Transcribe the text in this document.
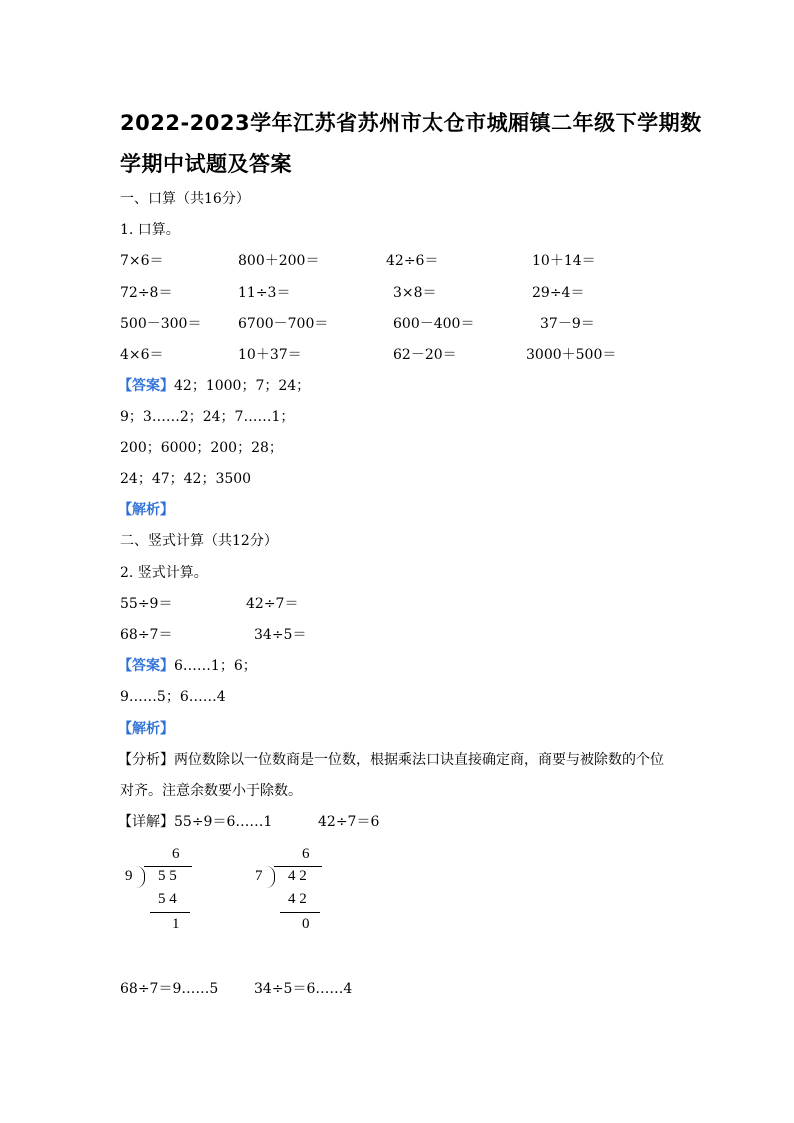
2022-2023学年江苏省苏州市太仓市城厢镇二年级下学期数
学期中试题及答案
一、口算（共16分）
1. 口算。
7×6＝	800＋200＝	42÷6＝	10＋14＝
72÷8＝	11÷3＝	3×8＝	29÷4＝
500－300＝	6700－700＝	600－400＝	37－9＝
4×6＝	10＋37＝	62－20＝	3000＋500＝
【答案】42；1000；7；24；
9；3……2；24；7……1；
200；6000；200；28；
24；47；42；3500
【解析】
二、竖式计算（共12分）
2. 竖式计算。
55÷9＝	42÷7＝
68÷7＝	34÷5＝
【答案】6……1；6；
9……5；6……4
【解析】
【分析】两位数除以一位数商是一位数，根据乘法口诀直接确定商，商要与被除数的个位
对齐。注意余数要小于除数。
【详解】55÷9＝6……1	42÷7＝6
6
9 5 5
5 4
1
6
7 4 2
4 2
0
68÷7＝9……5	34÷5＝6……4
